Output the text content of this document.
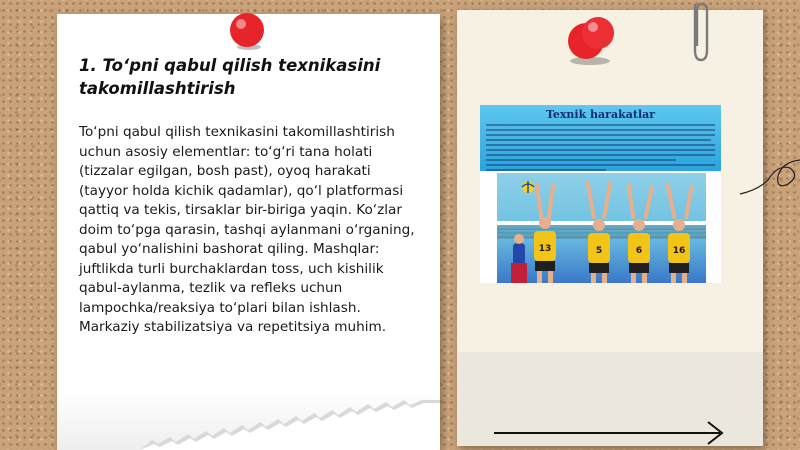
1. To‘pni qabul qilish texnikasini takomillashtirish

To‘pni qabul qilish texnikasini takomillashtirish uchun asosiy elementlar: to‘g‘ri tana holati (tizzalar egilgan, bosh past), oyoq harakati (tayyor holda kichik qadamlar), qo‘l platformasi qattiq va tekis, tirsaklar bir-biriga yaqin. Ko‘zlar doim to‘pga qarasin, tashqi aylanmani o‘rganing, qabul yo‘nalishini bashorat qiling. Mashqlar: juftlikda turli burchaklardan toss, uch kishilik qabul-aylanma, tezlik va refleks uchun lampochka/reaksiya to‘plari bilan ishlash. Markaziy stabilizatsiya va repetitsiya muhim.

Texnik harakatlar
13	5	6	16
